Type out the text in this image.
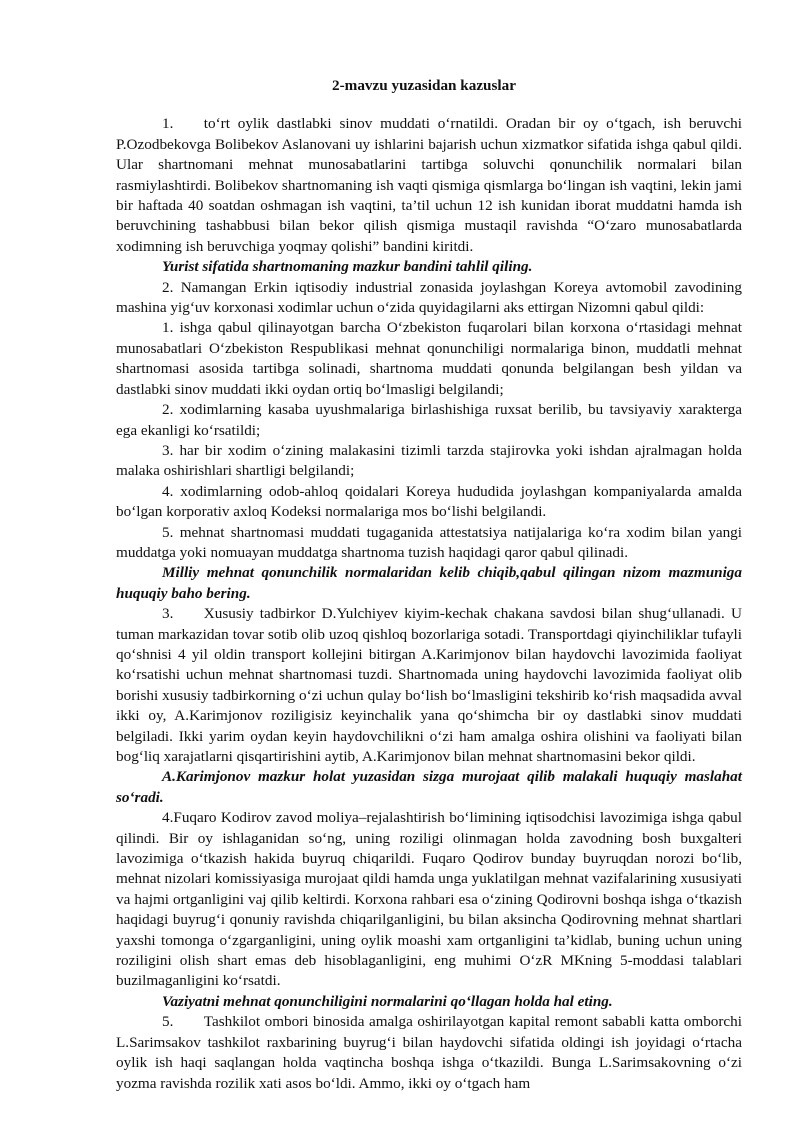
2-mavzu yuzasidan kazuslar

1.  to‘rt oylik dastlabki sinov muddati o‘rnatildi. Oradan bir oy o‘tgach, ish beruvchi P.Ozodbekovga Bolibekov Aslanovani uy ishlarini bajarish uchun xizmatkor sifatida ishga qabul qildi. Ular shartnomani mehnat munosabatlarini tartibga soluvchi qonunchilik normalari bilan rasmiylashtirdi. Bolibekov shartnomaning ish vaqti qismiga qismlarga bo‘lingan ish vaqtini, lekin jami bir haftada 40 soatdan oshmagan ish vaqtini, ta’til uchun 12 ish kunidan iborat muddatni hamda ish beruvchining tashabbusi bilan bekor qilish qismiga mustaqil ravishda “O‘zaro munosabatlarda xodimning ish beruvchiga yoqmay qolishi” bandini kiritdi.

Yurist sifatida shartnomaning mazkur bandini tahlil qiling.

2. Namangan Erkin iqtisodiy industrial zonasida joylashgan Koreya avtomobil zavodining mashina yig‘uv korxonasi xodimlar uchun o‘zida quyidagilarni aks ettirgan Nizomni qabul qildi:

1. ishga qabul qilinayotgan barcha O‘zbekiston fuqarolari bilan korxona o‘rtasidagi mehnat munosabatlari O‘zbekiston Respublikasi mehnat qonunchiligi normalariga binon, muddatli mehnat shartnomasi asosida tartibga solinadi, shartnoma muddati qonunda belgilangan besh yildan va dastlabki sinov muddati ikki oydan ortiq bo‘lmasligi belgilandi;

2. xodimlarning kasaba uyushmalariga birlashishiga ruxsat berilib, bu tavsiyaviy xarakterga ega ekanligi ko‘rsatildi;

3. har bir xodim o‘zining malakasini tizimli tarzda stajirovka yoki ishdan ajralmagan holda malaka oshirishlari shartligi belgilandi;

4. xodimlarning odob-ahloq qoidalari Koreya hududida joylashgan kompaniyalarda amalda bo‘lgan korporativ axloq Kodeksi normalariga mos bo‘lishi belgilandi.

5. mehnat shartnomasi muddati tugaganida attestatsiya natijalariga ko‘ra xodim bilan yangi muddatga yoki nomuayan muddatga shartnoma tuzish haqidagi qaror qabul qilinadi.

Milliy mehnat qonunchilik normalaridan kelib chiqib,qabul qilingan nizom mazmuniga huquqiy baho bering.

3.  Xususiy tadbirkor D.Yulchiyev kiyim-kechak chakana savdosi bilan shug‘ullanadi. U tuman markazidan tovar sotib olib uzoq qishloq bozorlariga sotadi. Transportdagi qiyinchiliklar tufayli qo‘shnisi 4 yil oldin transport kollejini bitirgan A.Karimjonov bilan haydovchi lavozimida faoliyat ko‘rsatishi uchun mehnat shartnomasi tuzdi. Shartnomada uning haydovchi lavozimida faoliyat olib borishi xususiy tadbirkorning o‘zi uchun qulay bo‘lish bo‘lmasligini tekshirib ko‘rish maqsadida avval ikki oy, A.Karimjonov roziligisiz keyinchalik yana qo‘shimcha bir oy dastlabki sinov muddati belgiladi. Ikki yarim oydan keyin haydovchilikni o‘zi ham amalga oshira olishini va faoliyati bilan bog‘liq xarajatlarni qisqartirishini aytib, A.Karimjonov bilan mehnat shartnomasini bekor qildi.

A.Karimjonov mazkur holat yuzasidan sizga murojaat qilib malakali huquqiy maslahat so‘radi.

4.Fuqaro Kodirov zavod moliya–rejalashtirish bo‘limining iqtisodchisi lavozimiga ishga qabul qilindi. Bir oy ishlaganidan so‘ng, uning roziligi olinmagan holda zavodning bosh buxgalteri lavozimiga o‘tkazish hakida buyruq chiqarildi. Fuqaro Qodirov bunday buyruqdan norozi bo‘lib, mehnat nizolari komissiyasiga murojaat qildi hamda unga yuklatilgan mehnat vazifalarining xususiyati va hajmi ortganligini vaj qilib keltirdi. Korxona rahbari esa o‘zining Qodirovni boshqa ishga o‘tkazish haqidagi buyrug‘i qonuniy ravishda chiqarilganligini, bu bilan aksincha Qodirovning mehnat shartlari yaxshi tomonga o‘zgarganligini, uning oylik moashi xam ortganligini ta’kidlab, buning uchun uning roziligini olish shart emas deb hisoblaganligini, eng muhimi O‘zR MKning 5-moddasi talablari buzilmaganligini ko‘rsatdi.

Vaziyatni mehnat qonunchiligini normalarini qo‘llagan holda hal eting.

5.  Tashkilot ombori binosida amalga oshirilayotgan kapital remont sababli katta omborchi L.Sarimsakov tashkilot raxbarining buyrug‘i bilan haydovchi sifatida oldingi ish joyidagi o‘rtacha oylik ish haqi saqlangan holda vaqtincha boshqa ishga o‘tkazildi. Bunga L.Sarimsakovning o‘zi yozma ravishda rozilik xati asos bo‘ldi. Ammo, ikki oy o‘tgach ham
